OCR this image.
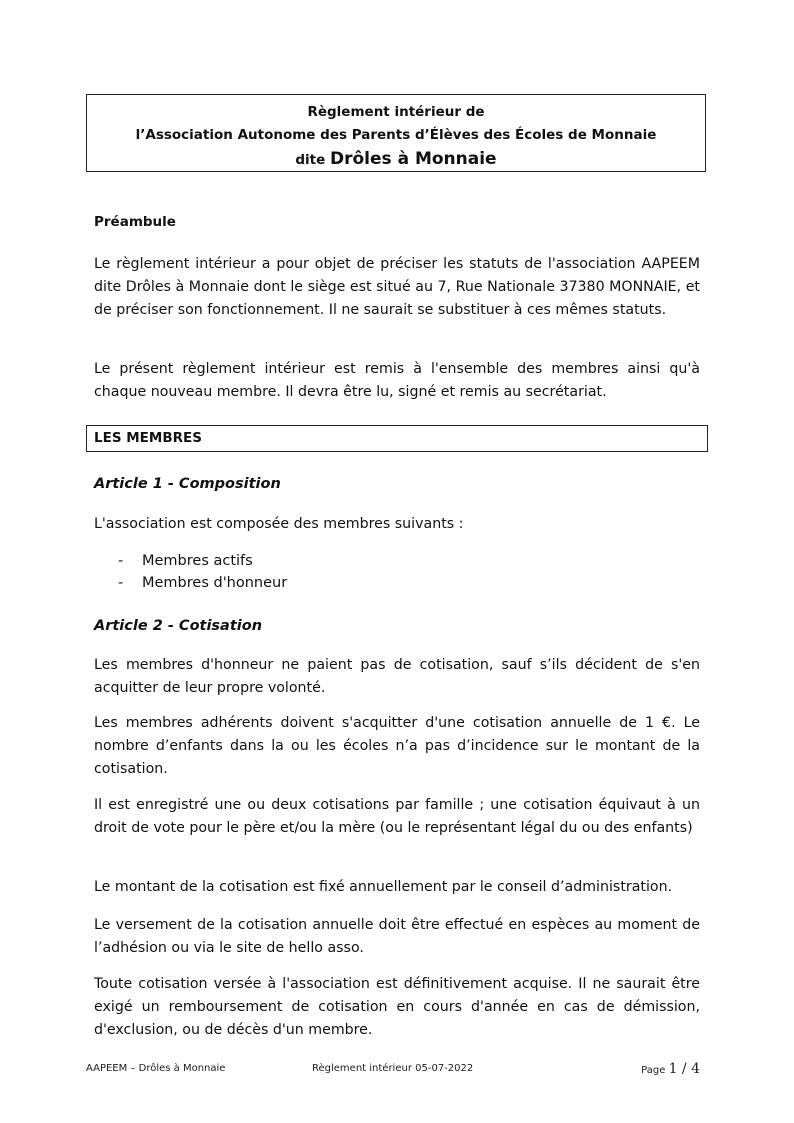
Règlement intérieur de
l’Association Autonome des Parents d’Élèves des Écoles de Monnaie
dite Drôles à Monnaie
Préambule
Le règlement intérieur a pour objet de préciser les statuts de l'association AAPEEM dite Drôles à Monnaie dont le siège est situé au 7, Rue Nationale 37380 MONNAIE, et de préciser son fonctionnement. Il ne saurait se substituer à ces mêmes statuts.
Le présent règlement intérieur est remis à l'ensemble des membres ainsi qu'à chaque nouveau membre. Il devra être lu, signé et remis au secrétariat.
LES MEMBRES
Article 1 - Composition
L'association est composée des membres suivants :
- Membres actifs
- Membres d'honneur
Article 2 - Cotisation
Les membres d'honneur ne paient pas de cotisation, sauf s’ils décident de s'en acquitter de leur propre volonté.
Les membres adhérents doivent s'acquitter d'une cotisation annuelle de 1 €. Le nombre d’enfants dans la ou les écoles n’a pas d’incidence sur le montant de la cotisation.
Il est enregistré une ou deux cotisations par famille ; une cotisation équivaut à un droit de vote pour le père et/ou la mère (ou le représentant légal du ou des enfants)
Le montant de la cotisation est fixé annuellement par le conseil d’administration.
Le versement de la cotisation annuelle doit être effectué en espèces au moment de l’adhésion ou via le site de hello asso.
Toute cotisation versée à l'association est définitivement acquise. Il ne saurait être exigé un remboursement de cotisation en cours d'année en cas de démission, d'exclusion, ou de décès d'un membre.
AAPEEM – Drôles à Monnaie	Règlement intérieur 05-07-2022	Page 1 / 4
